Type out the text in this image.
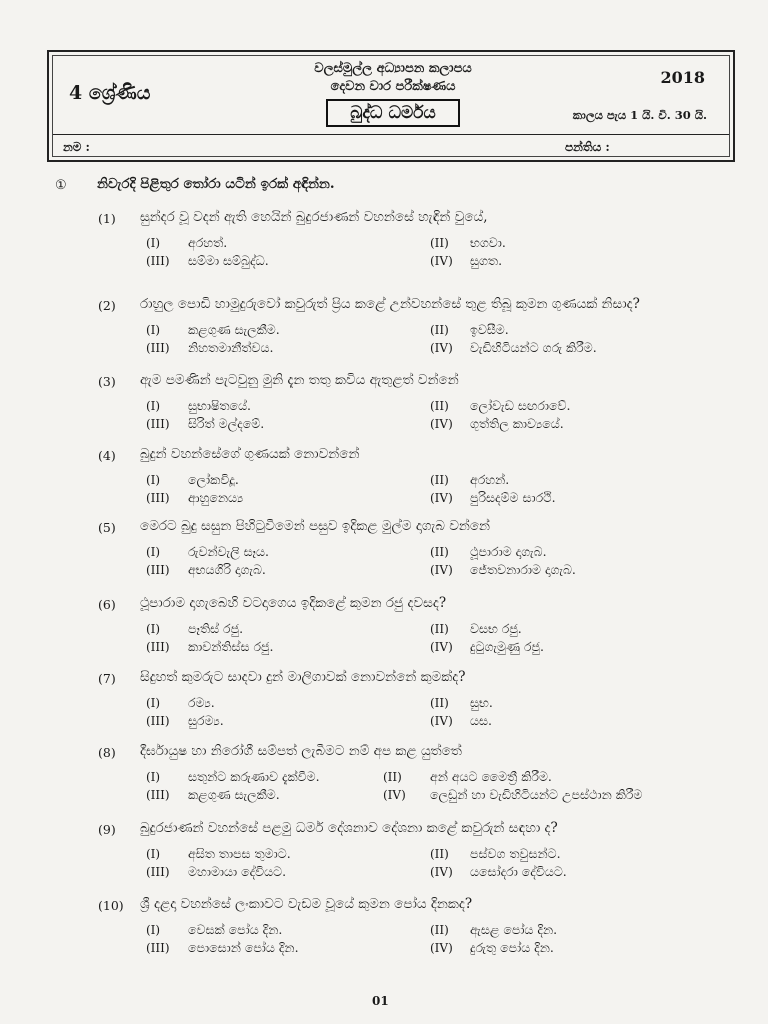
4 ශ්‍රේණිය
වලස්මුල්ල අධ්‍යාපන කලාපය
දෙවන වාර පරීක්ෂණය
බුද්ධ ධර්මය
2018
කාලය පැය 1 යි. වි. 30 යි.
නම :	පන්තිය :
① නිවැරදි පිළිතුර තෝරා යටින් ඉරක් අඳින්න.
(1) සුන්දර වූ වදන් ඇති හෙයින් බුදුරජාණන් වහන්සේ හැඳින් වුයේ,
(I) අරහත්.	(II) භගවා.
(III) සම්මා සම්බුද්ධ.	(IV) සුගත.
(2) රාහුල පොඩි හාමුදුරුවෝ කවුරුත් ප්‍රිය කළේ උන්වහන්සේ තුළ තිබූ කුමන ගුණයක් නිසාද?
(I) කළගුණ සැලකීම.	(II) ඉවසීම.
(III) නිහතමානීත්වය.	(IV) වැඩිහිටියන්ට ගරු කිරීම.
(3) ඇම පමණින් පැටවුනු මුනි දැන තතු කවිය ඇතුළත් වන්නේ
(I) සුභාෂිතයේ.	(II) ලෝවැඩ සඟරාවේ.
(III) සිරිත් මල්දමේ.	(IV) ගුත්තිල කාව්‍යයේ.
(4) බුදුන් වහන්සේගේ ගුණයක් නොවන්නේ
(I) ලෝකවිදූ.	(II) අරහන්.
(III) ආහුනෙය්‍ය	(IV) පුරිසදම්ම සාරථි.
(5) මෙරට බුදු සසුන පිහිටුවීමෙන් පසුව ඉදිකළ මුල්ම දාගැබ වන්නේ
(I) රුවන්වැලි සෑය.	(II) ථූපාරාම දාගැබ.
(III) අභයගිරි දාගැබ.	(IV) ජේතවනාරාම දාගැබ.
(6) ථූපාරාම දාගැබෙහි වටදාගෙය ඉදිකළේ කුමන රජු දවසද?
(I) පෑතිස් රජු.	(II) වසභ රජු.
(III) කාවන්තිස්ස රජු.	(IV) දුටුගැමුණු රජු.
(7) සිදුහත් කුමරුට සාදවා දුන් මාලිගාවක් නොවන්නේ කුමක්ද?
(I) රම්‍ය.	(II) සුභ.
(III) සුරම්‍ය.	(IV) යස.
(8) දීර්ඝායුෂ හා නිරෝගී සම්පත් ලැබීමට නම් අප කළ යුත්තේ
(I) සතුන්ට කරුණාව දැක්වීම.	(II) අන් අයට මෛත්‍රී කිරීම.
(III) කළගුණ සැලකීම.	(IV) ලෙඩුන් හා වැඩිහිටියන්ට උපස්ථාන කිරීම
(9) බුදුරජාණන් වහන්සේ පළමු ධර්ම දේශනාව දේශනා කළේ කවුරුන් සඳහා ද?
(I) අසිත තාපස තුමාට.	(II) පස්වග තවුසන්ට.
(III) මහාමායා දේවියට.	(IV) යසෝදරා දේවියට.
(10) ශ්‍රී දළදා වහන්සේ ලංකාවට වැඩම වූයේ කුමන පෝය දිනකද?
(I) වෙසක් පෝය දින.	(II) ඇසළ පෝය දින.
(III) පොසොන් පෝය දින.	(IV) දුරුතු පෝය දින.
01
